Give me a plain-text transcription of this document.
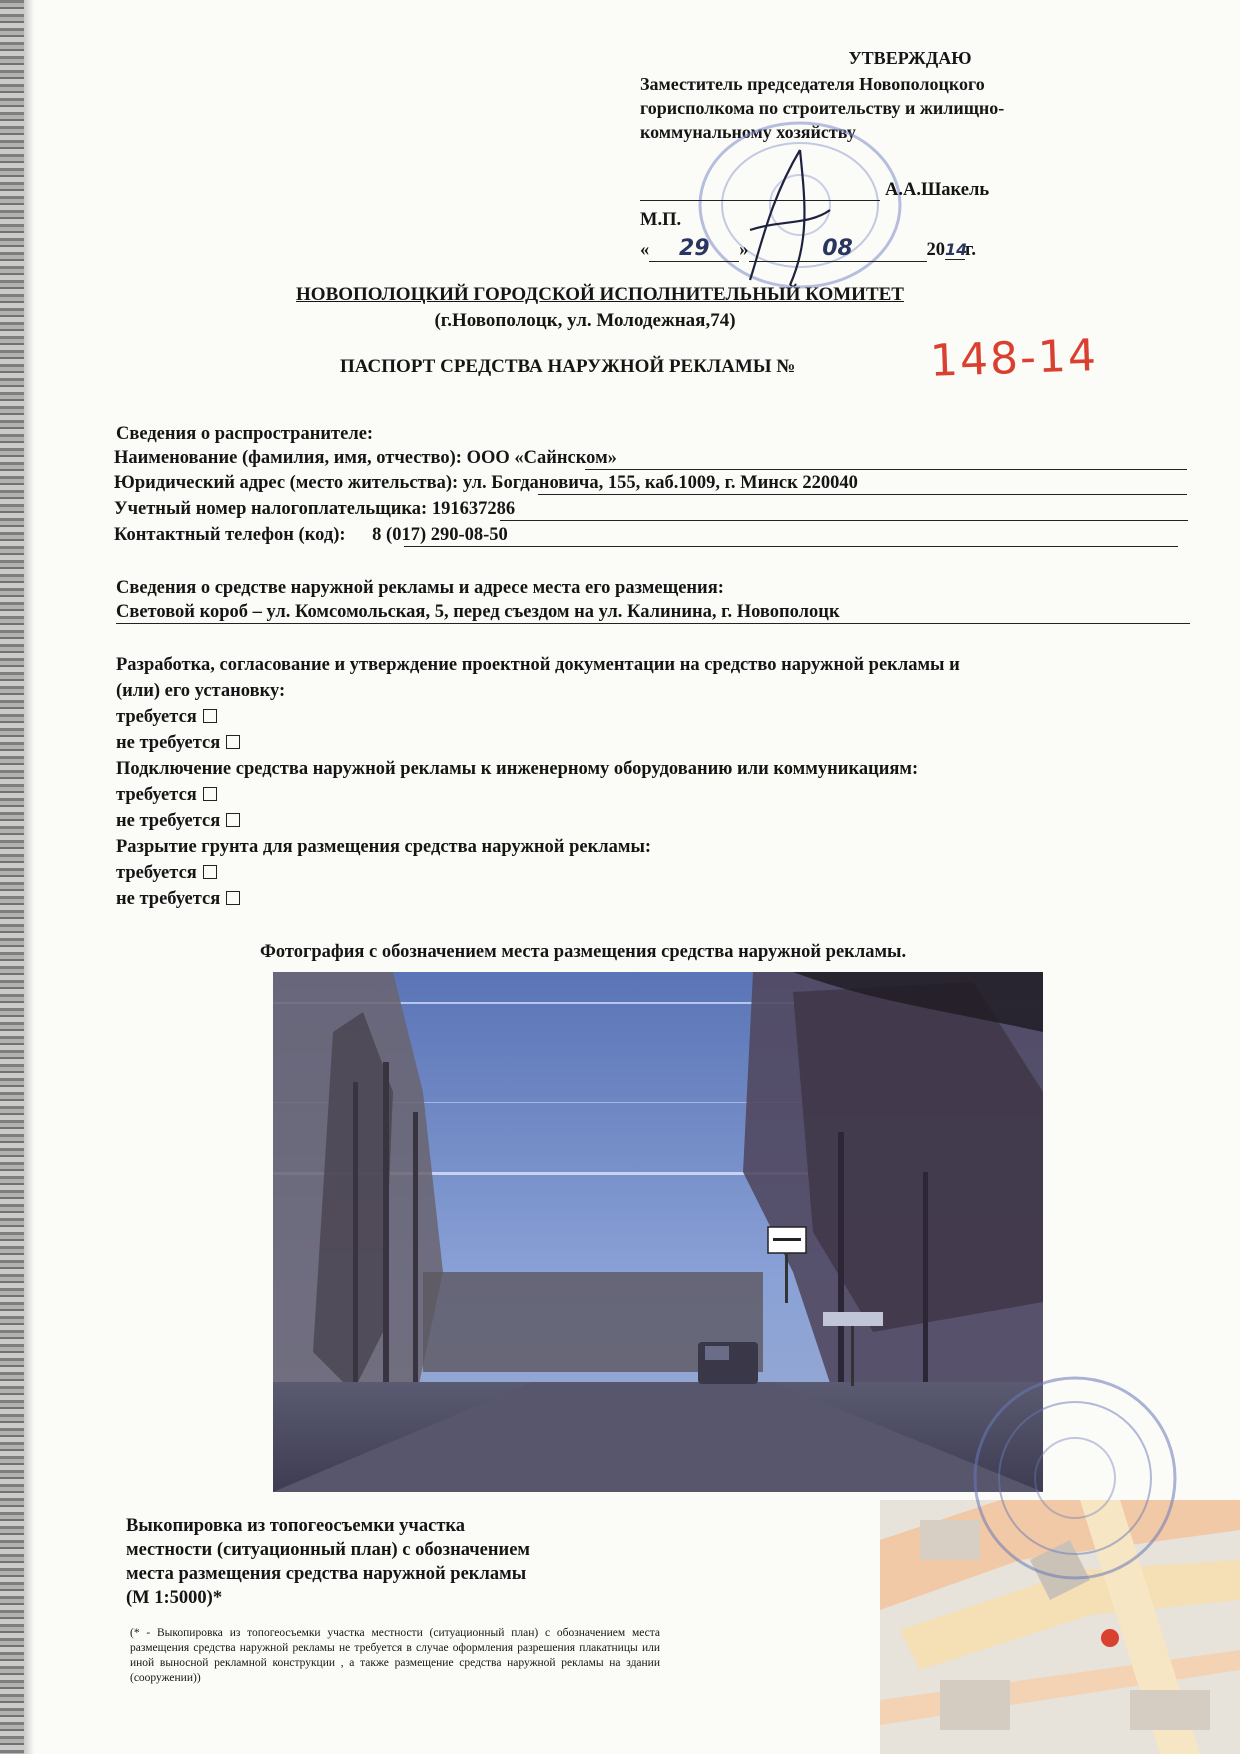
УТВЕРЖДАЮ
Заместитель председателя Новополоцкого
горисполкома по строительству и жилищно-
коммунальному хозяйству
А.А.Шакель
М.П.
« 29 »	08	2014г.
НОВОПОЛОЦКИЙ ГОРОДСКОЙ ИСПОЛНИТЕЛЬНЫЙ КОМИТЕТ
(г.Новополоцк, ул. Молодежная,74)
ПАСПОРТ СРЕДСТВА НАРУЖНОЙ РЕКЛАМЫ №	148-14
Сведения о распространителе:
Наименование (фамилия, имя, отчество): ООО «Сайнском»
Юридический адрес (место жительства): ул. Богдановича, 155, каб.1009, г. Минск 220040
Учетный номер налогоплательщика: 191637286
Контактный телефон (код): 8 (017) 290-08-50
Сведения о средстве наружной рекламы и адресе места его размещения:
Световой короб – ул. Комсомольская, 5, перед съездом на ул. Калинина, г. Новополоцк
Разработка, согласование и утверждение проектной документации на средство наружной рекламы и
(или) его установку:
требуется
не требуется
Подключение средства наружной рекламы к инженерному оборудованию или коммуникациям:
требуется
не требуется
Разрытие грунта для размещения средства наружной рекламы:
требуется
не требуется
Фотография с обозначением места размещения средства наружной рекламы.
Выкопировка из топогеосъемки участка
местности (ситуационный план) с обозначением
места размещения средства наружной рекламы
(М 1:5000)*
(* - Выкопировка из топогеосъемки участка местности (ситуационный план) с обозначением места размещения средства наружной рекламы не требуется в случае оформления разрешения плакатницы или иной выносной рекламной конструкции , а также размещение средства наружной рекламы на здании (сооружении))
